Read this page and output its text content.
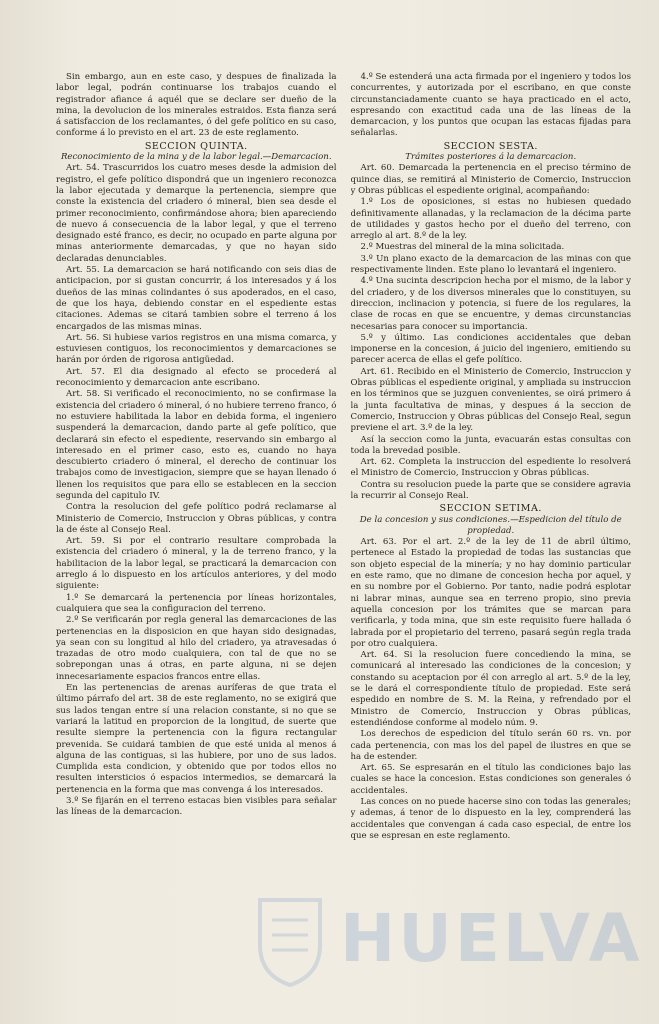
Sin embargo, aun en este caso, y despues de finalizada la labor legal, podrán continuarse los trabajos cuando el registrador afiance á aquél que se declare ser dueño de la mina, la devolucion de los minerales estraidos. Esta fianza será á satisfaccion de los reclamantes, ó del gefe político en su caso, conforme á lo previsto en el art. 23 de este reglamento.

SECCION QUINTA.

Reconocimiento de la mina y de la labor legal.—Demarcacion.

Art. 54. Trascurridos los cuatro meses desde la admision del registro, el gefe político dispondrá que un ingeniero reconozca la labor ejecutada y demarque la pertenencia, siempre que conste la existencia del criadero ó mineral, bien sea desde el primer reconocimiento, confirmándose ahora; bien apareciendo de nuevo á consecuencia de la labor legal, y que el terreno designado esté franco, es decir, no ocupado en parte alguna por minas anteriormente demarcadas, y que no hayan sido declaradas denunciables.

Art. 55. La demarcacion se hará notificando con seis dias de anticipacion, por si gustan concurrir, á los interesados y á los dueños de las minas colindantes ó sus apoderados, en el caso, de que los haya, debiendo constar en el espediente estas citaciones. Ademas se citará tambien sobre el terreno á los encargados de las mismas minas.

Art. 56. Si hubiese varios registros en una misma comarca, y estuviesen contiguos, los reconocimientos y demarcaciones se harán por órden de rigorosa antigüedad.

Art. 57. El dia designado al efecto se procederá al reconocimiento y demarcacion ante escribano.

Art. 58. Si verificado el reconocimiento, no se confirmase la existencia del criadero ó mineral, ó no hubiere terreno franco, ó no estuviere habilitada la labor en debida forma, el ingeniero suspenderá la demarcacion, dando parte al gefe político, que declarará sin efecto el espediente, reservando sin embargo al interesado en el primer caso, esto es, cuando no haya descubierto criadero ó mineral, el derecho de continuar los trabajos como de investigacion, siempre que se hayan llenado ó llenen los requisitos que para ello se establecen en la seccion segunda del capitulo IV.

Contra la resolucion del gefe político podrá reclamarse al Ministerio de Comercio, Instruccion y Obras públicas, y contra la de éste al Consejo Real.

Art. 59. Si por el contrario resultare comprobada la existencia del criadero ó mineral, y la de terreno franco, y la habilitacion de la labor legal, se practicará la demarcacion con arreglo á lo dispuesto en los artículos anteriores, y del modo siguiente:

1.º Se demarcará la pertenencia por líneas horizontales, cualquiera que sea la configuracion del terreno.

2.º Se verificarán por regla general las demarcaciones de las pertenencias en la disposicion en que hayan sido designadas, ya sean con su longitud al hilo del criadero, ya atravesadas ó trazadas de otro modo cualquiera, con tal de que no se sobrepongan unas á otras, en parte alguna, ni se dejen innecesariamente espacios francos entre ellas.

En las pertenencias de arenas auríferas de que trata el último párrafo del art. 38 de este reglamento, no se exigirá que sus lados tengan entre sí una relacion constante, si no que se variará la latitud en proporcion de la longitud, de suerte que resulte siempre la pertenencia con la figura rectangular prevenida. Se cuidará tambien de que esté unida al menos á alguna de las contiguas, si las hubiere, por uno de sus lados. Cumplida esta condicion, y obtenido que por todos ellos no resulten intersticios ó espacios intermedios, se demarcará la pertenencia en la forma que mas convenga á los interesados.

3.º Se fijarán en el terreno estacas bien visibles para señalar las líneas de la demarcacion.

4.º Se estenderá una acta firmada por el ingeniero y todos los concurrentes, y autorizada por el escribano, en que conste circunstanciadamente cuanto se haya practicado en el acto, espresando con exactitud cada una de las líneas de la demarcacion, y los puntos que ocupan las estacas fijadas para señalarlas.

SECCION SESTA.

Trámites posteriores á la demarcacion.

Art. 60. Demarcada la pertenencia en el preciso término de quince dias, se remitirá al Ministerio de Comercio, Instruccion y Obras públicas el espediente original, acompañando:

1.º Los de oposiciones, si estas no hubiesen quedado definitivamente allanadas, y la reclamacion de la décima parte de utilidades y gastos hecho por el dueño del terreno, con arreglo al art. 8.º de la ley.

2.º Muestras del mineral de la mina solicitada.

3.º Un plano exacto de la demarcacion de las minas con que respectivamente linden. Este plano lo levantará el ingeniero.

4.º Una sucinta descripcion hecha por el mismo, de la labor y del criadero, y de los diversos minerales que lo constituyen, su direccion, inclinacion y potencia, si fuere de los regulares, la clase de rocas en que se encuentre, y demas circunstancias necesarias para conocer su importancia.

5.º y último. Las condiciones accidentales que deban imponerse en la concesion, á juicio del ingeniero, emitiendo su parecer acerca de ellas el gefe político.

Art. 61. Recibido en el Ministerio de Comercio, Instruccion y Obras públicas el espediente original, y ampliada su instruccion en los términos que se juzguen convenientes, se oirá primero á la junta facultativa de minas, y despues á la seccion de Comercio, Instruccion y Obras públicas del Consejo Real, segun previene el art. 3.º de la ley.

Así la seccion como la junta, evacuarán estas consultas con toda la brevedad posible.

Art. 62. Completa la instruccion del espediente lo resolverá el Ministro de Comercio, Instruccion y Obras públicas.

Contra su resolucion puede la parte que se considere agravia la recurrir al Consejo Real.

SECCION SETIMA.

De la concesion y sus condiciones.—Espedicion del título de propiedad.

Art. 63. Por el art. 2.º de la ley de 11 de abril último, pertenece al Estado la propiedad de todas las sustancias que son objeto especial de la minería; y no hay dominio particular en este ramo, que no dimane de concesion hecha por aquel, y en su nombre por el Gobierno. Por tanto, nadie podrá esplotar ni labrar minas, aunque sea en terreno propio, sino previa aquella concesion por los trámites que se marcan para verificarla, y toda mina, que sin este requisito fuere hallada ó labrada por el propietario del terreno, pasará según regla trada por otro cualquiera.

Art. 64. Si la resolucion fuere concediendo la mina, se comunicará al interesado las condiciones de la concesion; y constando su aceptacion por él con arreglo al art. 5.º de la ley, se le dará el correspondiente título de propiedad. Este será espedido en nombre de S. M. la Reina, y refrendado por el Ministro de Comercio, Instruccion y Obras públicas, estendiéndose conforme al modelo núm. 9.

Los derechos de espedicion del título serán 60 rs. vn. por cada pertenencia, con mas los del papel de ilustres en que se ha de estender.

Art. 65. Se espresarán en el título las condiciones bajo las cuales se hace la concesion. Estas condiciones son generales ó accidentales.

Las conces on no puede hacerse sino con todas las generales; y ademas, á tenor de lo dispuesto en la ley, comprenderá las accidentales que convengan á cada caso especial, de entre los que se espresan en este reglamento.

HUELVA
